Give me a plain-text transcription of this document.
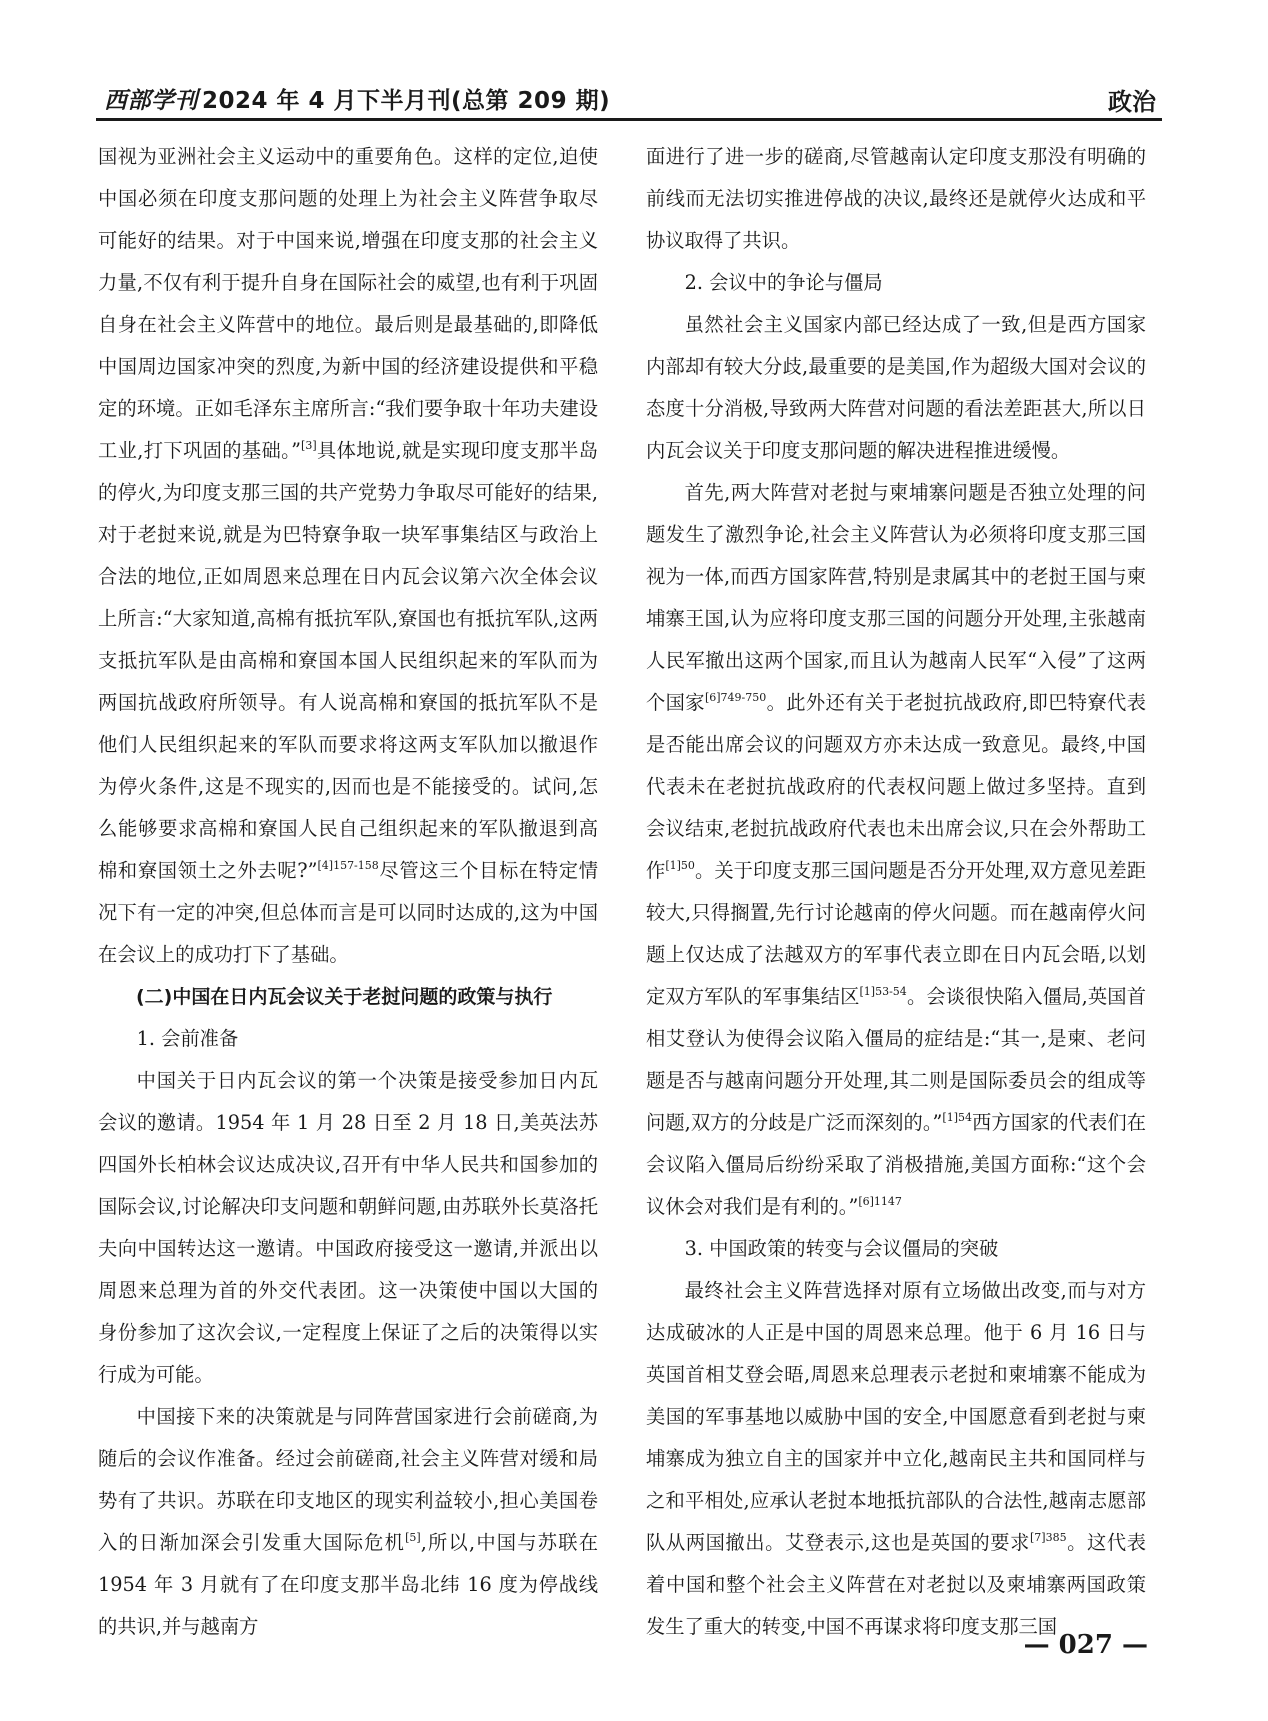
西部学刊 2024 年 4 月下半月刊(总第 209 期)	政治

国视为亚洲社会主义运动中的重要角色。这样的定位,迫使中国必须在印度支那问题的处理上为社会主义阵营争取尽可能好的结果。对于中国来说,增强在印度支那的社会主义力量,不仅有利于提升自身在国际社会的威望,也有利于巩固自身在社会主义阵营中的地位。最后则是最基础的,即降低中国周边国家冲突的烈度,为新中国的经济建设提供和平稳定的环境。正如毛泽东主席所言:“我们要争取十年功夫建设工业,打下巩固的基础。”[3]具体地说,就是实现印度支那半岛的停火,为印度支那三国的共产党势力争取尽可能好的结果,对于老挝来说,就是为巴特寮争取一块军事集结区与政治上合法的地位,正如周恩来总理在日内瓦会议第六次全体会议上所言:“大家知道,高棉有抵抗军队,寮国也有抵抗军队,这两支抵抗军队是由高棉和寮国本国人民组织起来的军队而为两国抗战政府所领导。有人说高棉和寮国的抵抗军队不是他们人民组织起来的军队而要求将这两支军队加以撤退作为停火条件,这是不现实的,因而也是不能接受的。试问,怎么能够要求高棉和寮国人民自己组织起来的军队撤退到高棉和寮国领土之外去呢?”$^{[4]157-158}$尽管这三个目标在特定情况下有一定的冲突,但总体而言是可以同时达成的,这为中国在会议上的成功打下了基础。

(二)中国在日内瓦会议关于老挝问题的政策与执行

1. 会前准备

中国关于日内瓦会议的第一个决策是接受参加日内瓦会议的邀请。1954 年 1 月 28 日至 2 月 18 日,美英法苏四国外长柏林会议达成决议,召开有中华人民共和国参加的国际会议,讨论解决印支问题和朝鲜问题,由苏联外长莫洛托夫向中国转达这一邀请。中国政府接受这一邀请,并派出以周恩来总理为首的外交代表团。这一决策使中国以大国的身份参加了这次会议,一定程度上保证了之后的决策得以实行成为可能。

中国接下来的决策就是与同阵营国家进行会前磋商,为随后的会议作准备。经过会前磋商,社会主义阵营对缓和局势有了共识。苏联在印支地区的现实利益较小,担心美国卷入的日渐加深会引发重大国际危机[5],所以,中国与苏联在 1954 年 3 月就有了在印度支那半岛北纬 16 度为停战线的共识,并与越南方

面进行了进一步的磋商,尽管越南认定印度支那没有明确的前线而无法切实推进停战的决议,最终还是就停火达成和平协议取得了共识。

2. 会议中的争论与僵局

虽然社会主义国家内部已经达成了一致,但是西方国家内部却有较大分歧,最重要的是美国,作为超级大国对会议的态度十分消极,导致两大阵营对问题的看法差距甚大,所以日内瓦会议关于印度支那问题的解决进程推进缓慢。

首先,两大阵营对老挝与柬埔寨问题是否独立处理的问题发生了激烈争论,社会主义阵营认为必须将印度支那三国视为一体,而西方国家阵营,特别是隶属其中的老挝王国与柬埔寨王国,认为应将印度支那三国的问题分开处理,主张越南人民军撤出这两个国家,而且认为越南人民军“入侵”了这两个国家$^{[6]749-750}$。此外还有关于老挝抗战政府,即巴特寮代表是否能出席会议的问题双方亦未达成一致意见。最终,中国代表未在老挝抗战政府的代表权问题上做过多坚持。直到会议结束,老挝抗战政府代表也未出席会议,只在会外帮助工作$^{[1]50}$。关于印度支那三国问题是否分开处理,双方意见差距较大,只得搁置,先行讨论越南的停火问题。而在越南停火问题上仅达成了法越双方的军事代表立即在日内瓦会晤,以划定双方军队的军事集结区$^{[1]53-54}$。会谈很快陷入僵局,英国首相艾登认为使得会议陷入僵局的症结是:“其一,是柬、老问题是否与越南问题分开处理,其二则是国际委员会的组成等问题,双方的分歧是广泛而深刻的。”$^{[1]54}$西方国家的代表们在会议陷入僵局后纷纷采取了消极措施,美国方面称:“这个会议休会对我们是有利的。”$^{[6]1147}$

3. 中国政策的转变与会议僵局的突破

最终社会主义阵营选择对原有立场做出改变,而与对方达成破冰的人正是中国的周恩来总理。他于 6 月 16 日与英国首相艾登会晤,周恩来总理表示老挝和柬埔寨不能成为美国的军事基地以威胁中国的安全,中国愿意看到老挝与柬埔寨成为独立自主的国家并中立化,越南民主共和国同样与之和平相处,应承认老挝本地抵抗部队的合法性,越南志愿部队从两国撤出。艾登表示,这也是英国的要求$^{[7]385}$。这代表着中国和整个社会主义阵营在对老挝以及柬埔寨两国政策发生了重大的转变,中国不再谋求将印度支那三国

— 027 —
